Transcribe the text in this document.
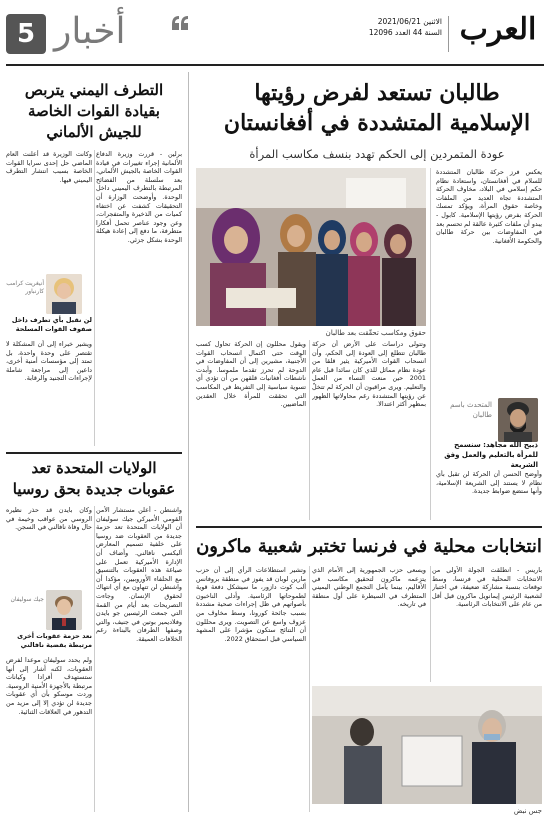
العرب
الاثنين 2021/06/21
السنة 44 العدد 12096
أخبار
5
طالبان تستعد لفرض رؤيتها الإسلامية المتشددة في أفغانستان
عودة المتمردين إلى الحكم تهدد بنسف مكاسب المرأة
حقوق ومكاسب تحقّقت بعد طالبان
يعكس فرز حركة طالبان المتشددة للسلام في أفغانستان، واستعادة نظام حكم إسلامي في البلاد، مخاوف الحركة المتشددة تجاه العديد من الملفات وخاصة حقوق المرأة، ويؤكد تمسك الحركة بفرض رؤيتها الإسلامية. كابول - يبدو أن ملفات كثيرة عالقة لم تحسم بعد في المفاوضات بين حركة طالبان والحكومة الأفغانية.
وتتولى دراسات على الأرض أن حركة طالبان تتطلع إلى العودة إلى الحكم، وأن انسحاب القوات الأميركية يثير قلقا من عودة نظام مماثل للذي كان سائدا قبل عام 2001 حين منعت النساء من العمل والتعليم. ويرى مراقبون أن الحركة لم تتخلّ عن رؤيتها المتشددة رغم محاولاتها الظهور بمظهر أكثر اعتدالا.
ويقول محللون إن الحركة تحاول كسب الوقت حتى اكتمال انسحاب القوات الأجنبية، مشيرين إلى أن المفاوضات في الدوحة لم تحرز تقدما ملموسا. وأبدت ناشطات أفغانيات قلقهن من أن تؤدي أي تسوية سياسية إلى التفريط في المكاسب التي تحققت للمرأة خلال العقدين الماضيين.	المتحدث باسم طالبان
ذبيح الله مجاهد: سنسمح للمرأة بالتعليم والعمل وفق الشريعة
وأوضح الحسن أن الحركة لن تقبل بأي نظام لا يستند إلى الشريعة الإسلامية، وأنها ستضع ضوابط جديدة.
انتخابات محلية في فرنسا تختبر شعبية ماكرون
باريس - انطلقت الجولة الأولى من الانتخابات المحلية في فرنسا، وسط توقعات بنسبة مشاركة ضعيفة، في اختبار لشعبية الرئيس إيمانويل ماكرون قبل أقل من عام على الانتخابات الرئاسية.
ويسعى حزب الجمهورية إلى الأمام الذي يتزعمه ماكرون لتحقيق مكاسب في الأقاليم، بينما يأمل التجمع الوطني اليميني المتطرف في السيطرة على أول منطقة في تاريخه.
وتشير استطلاعات الرأي إلى أن حزب مارين لوبان قد يفوز في منطقة بروفانس ألب كوت دازور، ما سيشكل دفعة قوية لطموحاتها الرئاسية. وأدلى الناخبون بأصواتهم في ظل إجراءات صحية مشددة بسبب جائحة كورونا، وسط مخاوف من عزوف واسع عن التصويت. ويرى محللون أن النتائج ستكون مؤشرا على المشهد السياسي قبل استحقاق 2022.
جس نبض
التطرف اليمني يتربص بقيادة القوات الخاصة للجيش الألماني
برلين - قررت وزيرة الدفاع الألمانية إجراء تغييرات في قيادة القوات الخاصة بالجيش الألماني، بعد سلسلة من الفضائح المرتبطة بالتطرف اليميني داخل الوحدة. وأوضحت الوزارة أن التحقيقات كشفت عن اختفاء كميات من الذخيرة والمتفجرات، وعن وجود عناصر تحمل أفكارا متطرفة، ما دفع إلى إعادة هيكلة الوحدة بشكل جزئي.
وكانت الوزيرة قد أعلنت العام الماضي حل إحدى سرايا القوات الخاصة بسبب انتشار التطرف اليميني فيها.
أنيغريت كرامب كارنباور
لن نقبل بأي تطرف داخل صفوف القوات المسلحة
ويشير خبراء إلى أن المشكلة لا تقتصر على وحدة واحدة، بل تمتد إلى مؤسسات أمنية أخرى، داعين إلى مراجعة شاملة لإجراءات التجنيد والرقابة.
الولايات المتحدة تعد عقوبات جديدة بحق روسيا
واشنطن - أعلن مستشار الأمن القومي الأميركي جيك سوليفان أن الولايات المتحدة تعد حزمة جديدة من العقوبات ضد روسيا على خلفية تسميم المعارض أليكسي نافالني. وأضاف أن الإدارة الأميركية تعمل على صياغة هذه العقوبات بالتنسيق مع الحلفاء الأوروبيين، مؤكدا أن واشنطن لن تتهاون مع أي انتهاك لحقوق الإنسان. وجاءت التصريحات بعد أيام من القمة التي جمعت الرئيسين جو بايدن وفلاديمير بوتين في جنيف، والتي وصفها الطرفان بالبناءة رغم الخلافات العميقة.
وكان بايدن قد حذر نظيره الروسي من عواقب وخيمة في حال وفاة نافالني في السجن.
جيك سوليفان
نعد حزمة عقوبات أخرى مرتبطة بقضية نافالني
ولم يحدد سوليفان موعدا لفرض العقوبات، لكنه أشار إلى أنها ستستهدف أفرادا وكيانات مرتبطة بالأجهزة الأمنية الروسية. وردت موسكو بأن أي عقوبات جديدة لن تؤدي إلا إلى مزيد من التدهور في العلاقات الثنائية.
